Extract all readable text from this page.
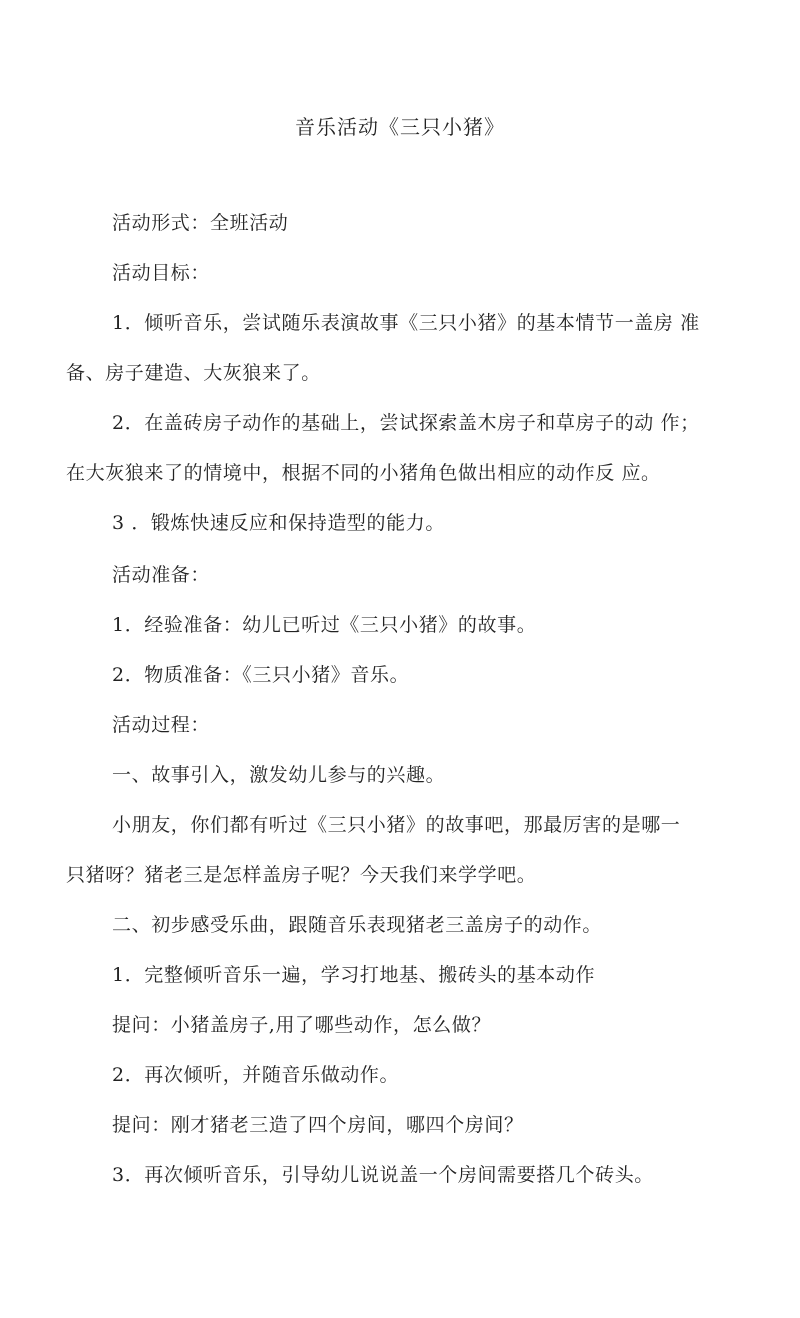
音乐活动《三只小猪》
活动形式：全班活动
活动目标：
1．倾听音乐，尝试随乐表演故事《三只小猪》的基本情节一盖房 准
备、房子建造、大灰狼来了。
2．在盖砖房子动作的基础上，尝试探索盖木房子和草房子的动 作；
在大灰狼来了的情境中，根据不同的小猪角色做出相应的动作反 应。
3 ．锻炼快速反应和保持造型的能力。
活动准备：
1．经验准备：幼儿已听过《三只小猪》的故事。
2．物质准备：《三只小猪》音乐。
活动过程：
一、故事引入，激发幼儿参与的兴趣。
小朋友，你们都有听过《三只小猪》的故事吧，那最厉害的是哪一
只猪呀？猪老三是怎样盖房子呢？今天我们来学学吧。
二、初步感受乐曲，跟随音乐表现猪老三盖房子的动作。
1．完整倾听音乐一遍，学习打地基、搬砖头的基本动作
提问：小猪盖房子,用了哪些动作，怎么做？
2．再次倾听，并随音乐做动作。
提问：刚才猪老三造了四个房间，哪四个房间？
3．再次倾听音乐，引导幼儿说说盖一个房间需要搭几个砖头。
